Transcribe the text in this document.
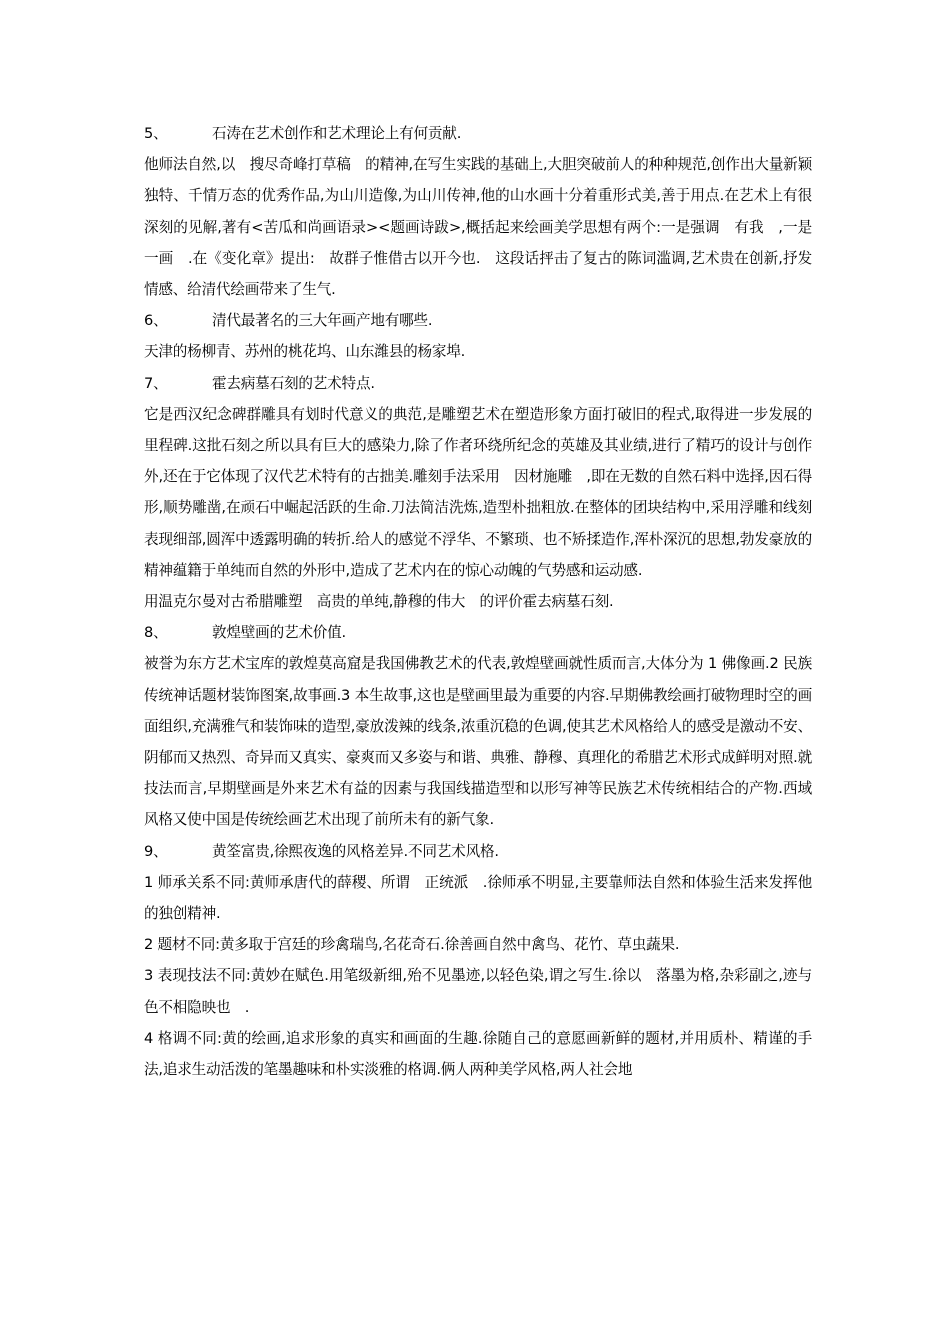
5、	石涛在艺术创作和艺术理论上有何贡献.
他师法自然,以　搜尽奇峰打草稿　的精神,在写生实践的基础上,大胆突破前人的种种规范,创作出大量新颖独特、千情万态的优秀作品,为山川造像,为山川传神,他的山水画十分着重形式美,善于用点.在艺术上有很深刻的见解,著有<苦瓜和尚画语录><题画诗跋>,概括起来绘画美学思想有两个:一是强调　有我　,一是　一画　.在《变化章》提出:　故群子惟借古以开今也.　这段话抨击了复古的陈词滥调,艺术贵在创新,抒发情感、给清代绘画带来了生气.
6、	清代最著名的三大年画产地有哪些.
天津的杨柳青、苏州的桃花坞、山东潍县的杨家埠.
7、	霍去病墓石刻的艺术特点.
它是西汉纪念碑群雕具有划时代意义的典范,是雕塑艺术在塑造形象方面打破旧的程式,取得进一步发展的里程碑.这批石刻之所以具有巨大的感染力,除了作者环绕所纪念的英雄及其业绩,进行了精巧的设计与创作外,还在于它体现了汉代艺术特有的古拙美.雕刻手法采用　因材施雕　,即在无数的自然石料中选择,因石得形,顺势雕凿,在顽石中崛起活跃的生命.刀法简洁洗炼,造型朴拙粗放.在整体的团块结构中,采用浮雕和线刻表现细部,圆浑中透露明确的转折.给人的感觉不浮华、不繁琐、也不矫揉造作,浑朴深沉的思想,勃发豪放的精神蕴籍于单纯而自然的外形中,造成了艺术内在的惊心动魄的气势感和运动感.
用温克尔曼对古希腊雕塑　高贵的单纯,静穆的伟大　的评价霍去病墓石刻.
8、	敦煌壁画的艺术价值.
被誉为东方艺术宝库的敦煌莫高窟是我国佛教艺术的代表,敦煌壁画就性质而言,大体分为 1 佛像画.2 民族传统神话题材装饰图案,故事画.3 本生故事,这也是壁画里最为重要的内容.早期佛教绘画打破物理时空的画面组织,充满雅气和装饰味的造型,豪放泼辣的线条,浓重沉稳的色调,使其艺术风格给人的感受是激动不安、阴郁而又热烈、奇异而又真实、豪爽而又多姿与和谐、典雅、静穆、真理化的希腊艺术形式成鲜明对照.就技法而言,早期壁画是外来艺术有益的因素与我国线描造型和以形写神等民族艺术传统相结合的产物.西域风格又使中国是传统绘画艺术出现了前所未有的新气象.
9、	黄筌富贵,徐熙夜逸的风格差异.不同艺术风格.
1 师承关系不同:黄师承唐代的薛稷、所谓　正统派　.徐师承不明显,主要靠师法自然和体验生活来发挥他的独创精神.
2 题材不同:黄多取于宫廷的珍禽瑞鸟,名花奇石.徐善画自然中禽鸟、花竹、草虫蔬果.
3 表现技法不同:黄妙在赋色.用笔级新细,殆不见墨迹,以轻色染,谓之写生.徐以　落墨为格,杂彩副之,迹与色不相隐映也　.
4 格调不同:黄的绘画,追求形象的真实和画面的生趣.徐随自己的意愿画新鲜的题材,并用质朴、精谨的手法,追求生动活泼的笔墨趣味和朴实淡雅的格调.俩人两种美学风格,两人社会地
